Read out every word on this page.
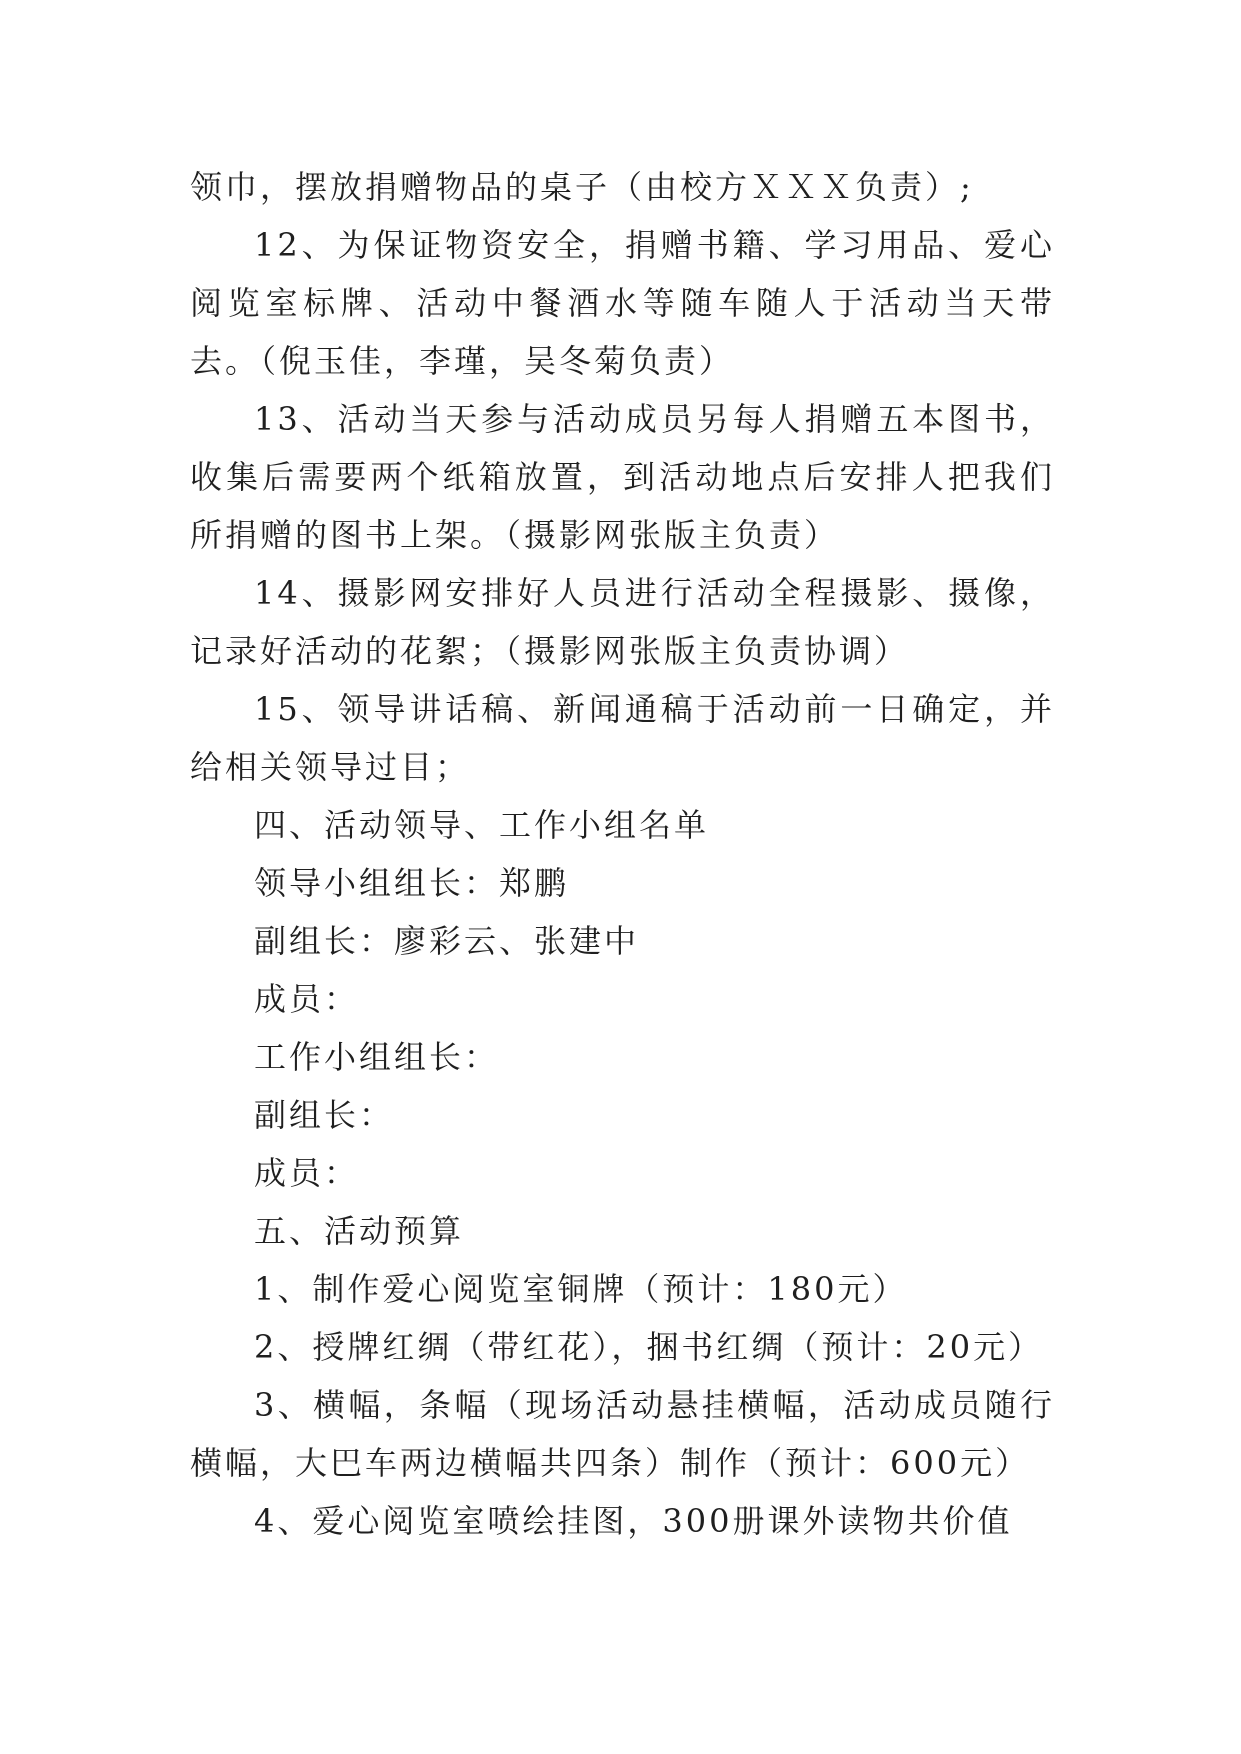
领巾，摆放捐赠物品的桌子（由校方ＸＸＸ负责）;

12、为保证物资安全，捐赠书籍、学习用品、爱心阅览室标牌、活动中餐酒水等随车随人于活动当天带去。（倪玉佳，李瑾，吴冬菊负责）

13、活动当天参与活动成员另每人捐赠五本图书，收集后需要两个纸箱放置，到活动地点后安排人把我们所捐赠的图书上架。（摄影网张版主负责）

14、摄影网安排好人员进行活动全程摄影、摄像，记录好活动的花絮；（摄影网张版主负责协调）

15、领导讲话稿、新闻通稿于活动前一日确定，并给相关领导过目；

四、活动领导、工作小组名单

领导小组组长：郑鹏

副组长：廖彩云、张建中

成员：

工作小组组长：

副组长：

成员：

五、活动预算

1、制作爱心阅览室铜牌（预计：180元）

2、授牌红绸（带红花），捆书红绸（预计：20元）

3、横幅，条幅（现场活动悬挂横幅，活动成员随行横幅，大巴车两边横幅共四条）制作（预计：600元）

4、爱心阅览室喷绘挂图，300册课外读物共价值
